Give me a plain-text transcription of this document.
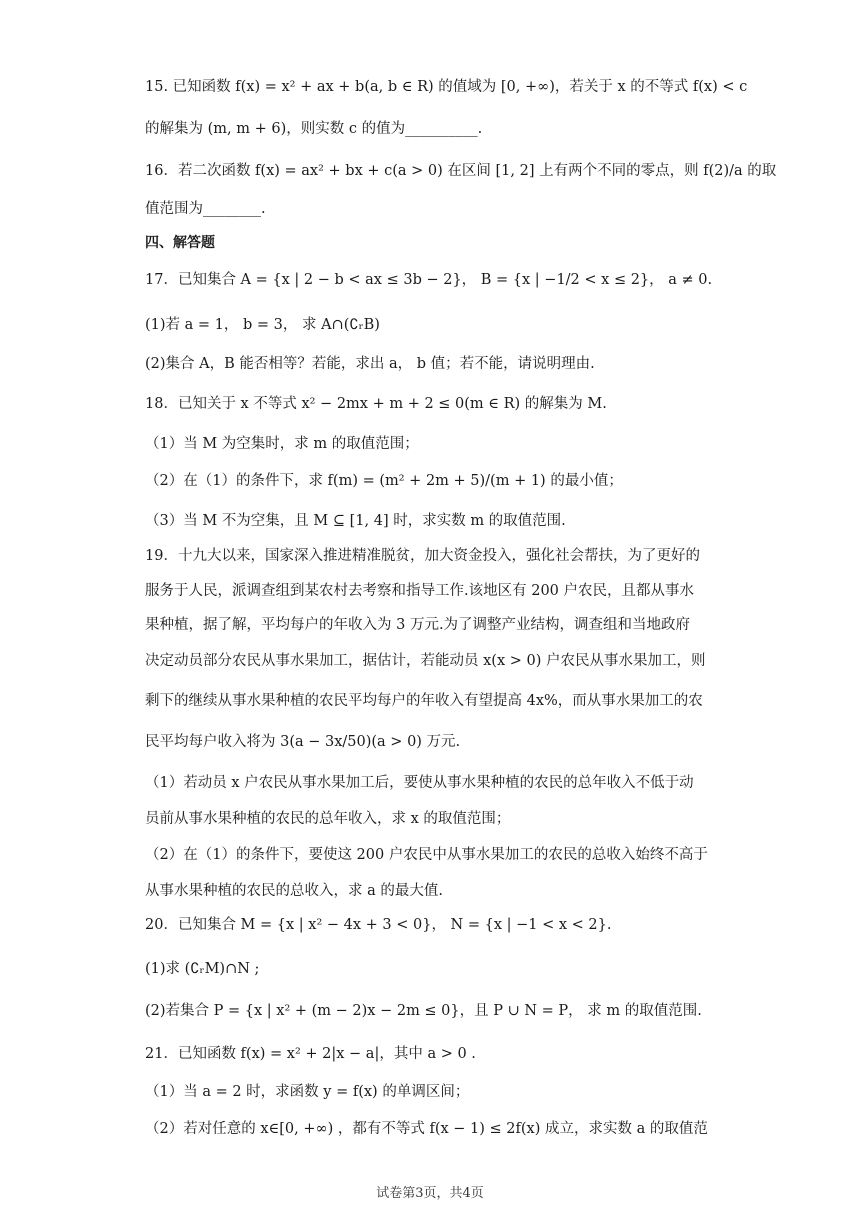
15. 已知函数 f(x) = x² + ax + b(a, b ∈ R) 的值域为 [0, +∞)，若关于 x 的不等式 f(x) < c
的解集为 (m, m + 6)，则实数 c 的值为__________.
16．若二次函数 f(x) = ax² + bx + c(a > 0) 在区间 [1, 2] 上有两个不同的零点，则 f(2)/a 的取
值范围为________.
四、解答题
17．已知集合 A = {x | 2 − b < ax ≤ 3b − 2}， B = {x | −1/2 < x ≤ 2}， a ≠ 0.
(1)若 a = 1， b = 3， 求 A∩(∁ᵣB)
(2)集合 A，B 能否相等？若能，求出 a， b 值；若不能，请说明理由.
18．已知关于 x 不等式 x² − 2mx + m + 2 ≤ 0(m ∈ R) 的解集为 M.
（1）当 M 为空集时，求 m 的取值范围；
（2）在（1）的条件下，求 f(m) = (m² + 2m + 5)/(m + 1) 的最小值；
（3）当 M 不为空集，且 M ⊆ [1, 4] 时，求实数 m 的取值范围.
19．十九大以来，国家深入推进精准脱贫，加大资金投入，强化社会帮扶，为了更好的
服务于人民，派调查组到某农村去考察和指导工作.该地区有 200 户农民，且都从事水
果种植，据了解，平均每户的年收入为 3 万元.为了调整产业结构，调查组和当地政府
决定动员部分农民从事水果加工，据估计，若能动员 x(x > 0) 户农民从事水果加工，则
剩下的继续从事水果种植的农民平均每户的年收入有望提高 4x%，而从事水果加工的农
民平均每户收入将为 3(a − 3x/50)(a > 0) 万元.
（1）若动员 x 户农民从事水果加工后，要使从事水果种植的农民的总年收入不低于动
员前从事水果种植的农民的总年收入，求 x 的取值范围；
（2）在（1）的条件下，要使这 200 户农民中从事水果加工的农民的总收入始终不高于
从事水果种植的农民的总收入，求 a 的最大值.
20．已知集合 M = {x | x² − 4x + 3 < 0}， N = {x | −1 < x < 2}.
(1)求 (∁ᵣM)∩N ;
(2)若集合 P = {x | x² + (m − 2)x − 2m ≤ 0}，且 P ∪ N = P， 求 m 的取值范围.
21．已知函数 f(x) = x² + 2|x − a|，其中 a > 0 .
（1）当 a = 2 时，求函数 y = f(x) 的单调区间；
（2）若对任意的 x∈[0, +∞) ，都有不等式 f(x − 1) ≤ 2f(x) 成立，求实数 a 的取值范
试卷第3页，共4页
